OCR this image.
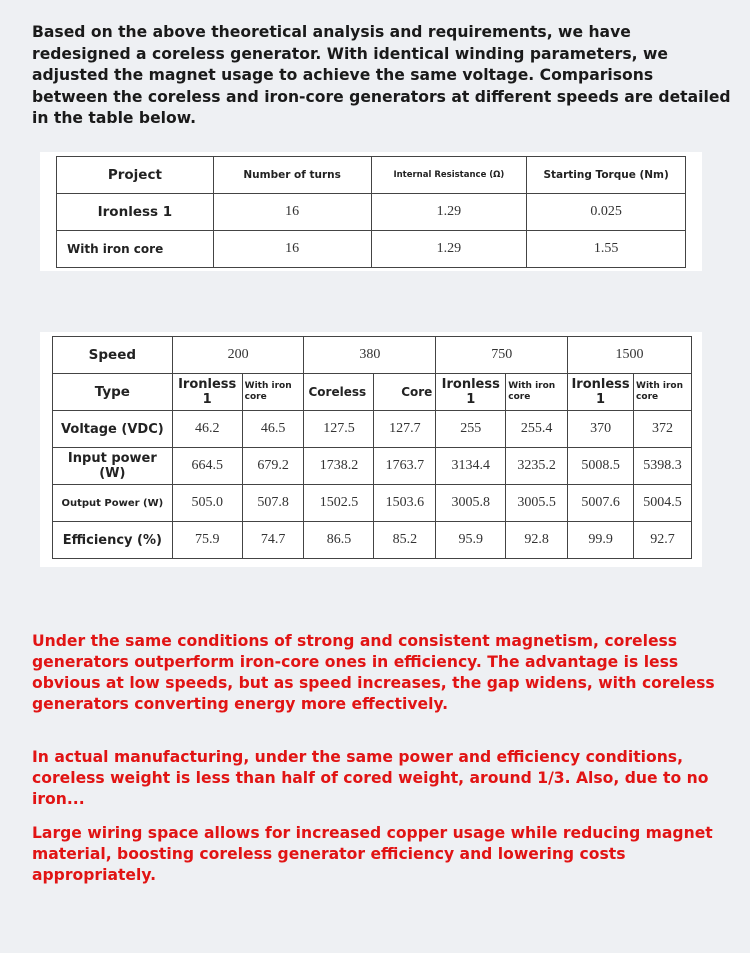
Based on the above theoretical analysis and requirements, we have redesigned a coreless generator. With identical winding parameters, we adjusted the magnet usage to achieve the same voltage. Comparisons between the coreless and iron-core generators at different speeds are detailed in the table below.

Project	Number of turns	Internal Resistance (Ω)	Starting Torque (Nm)
Ironless 1	16	1.29	0.025
With iron core	16	1.29	1.55
Speed	200		380		750		1500	
Type	Ironless 1	With iron core	Coreless	Core	Ironless 1	With iron core	Ironless 1	With iron core
Voltage (VDC)	46.2	46.5	127.5	127.7	255	255.4	370	372
Input power (W)	664.5	679.2	1738.2	1763.7	3134.4	3235.2	5008.5	5398.3
Output Power (W)	505.0	507.8	1502.5	1503.6	3005.8	3005.5	5007.6	5004.5
Efficiency (%)	75.9	74.7	86.5	85.2	95.9	92.8	99.9	92.7

Under the same conditions of strong and consistent magnetism, coreless generators outperform iron-core ones in efficiency. The advantage is less obvious at low speeds, but as speed increases, the gap widens, with coreless generators converting energy more effectively.

In actual manufacturing, under the same power and efficiency conditions, coreless weight is less than half of cored weight, around 1/3. Also, due to no iron...

Large wiring space allows for increased copper usage while reducing magnet material, boosting coreless generator efficiency and lowering costs appropriately.
